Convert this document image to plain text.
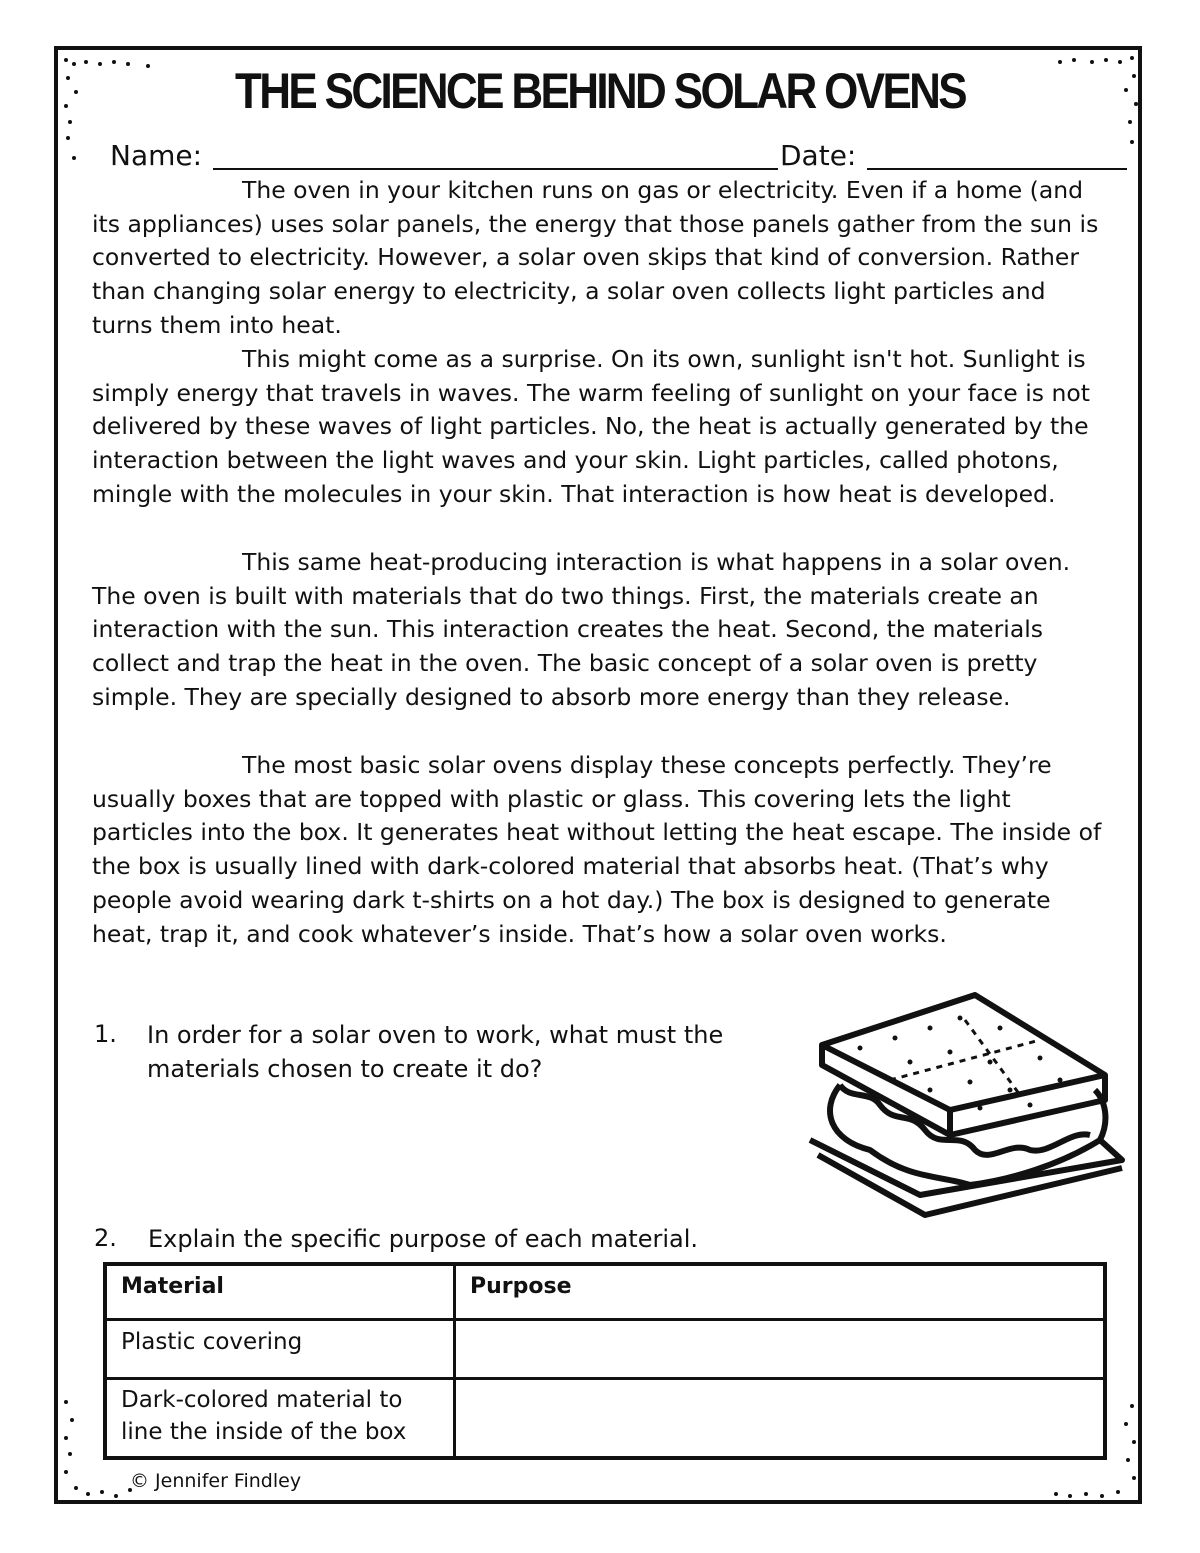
THE SCIENCE BEHIND SOLAR OVENS
Name:	Date:

The oven in your kitchen runs on gas or electricity. Even if a home (and its appliances) uses solar panels, the energy that those panels gather from the sun is converted to electricity. However, a solar oven skips that kind of conversion. Rather than changing solar energy to electricity, a solar oven collects light particles and turns them into heat.

This might come as a surprise. On its own, sunlight isn't hot. Sunlight is simply energy that travels in waves. The warm feeling of sunlight on your face is not delivered by these waves of light particles. No, the heat is actually generated by the interaction between the light waves and your skin. Light particles, called photons, mingle with the molecules in your skin. That interaction is how heat is developed.

This same heat-producing interaction is what happens in a solar oven. The oven is built with materials that do two things. First, the materials create an interaction with the sun. This interaction creates the heat. Second, the materials collect and trap the heat in the oven. The basic concept of a solar oven is pretty simple. They are specially designed to absorb more energy than they release.

The most basic solar ovens display these concepts perfectly. They’re usually boxes that are topped with plastic or glass. This covering lets the light particles into the box. It generates heat without letting the heat escape. The inside of the box is usually lined with dark-colored material that absorbs heat. (That’s why people avoid wearing dark t-shirts on a hot day.) The box is designed to generate heat, trap it, and cook whatever’s inside. That’s how a solar oven works.

1. In order for a solar oven to work, what must the
materials chosen to create it do?
2. Explain the specific purpose of each material.
Material	Purpose
Plastic covering	

Dark-colored material to
line the inside of the box	

© Jennifer Findley
